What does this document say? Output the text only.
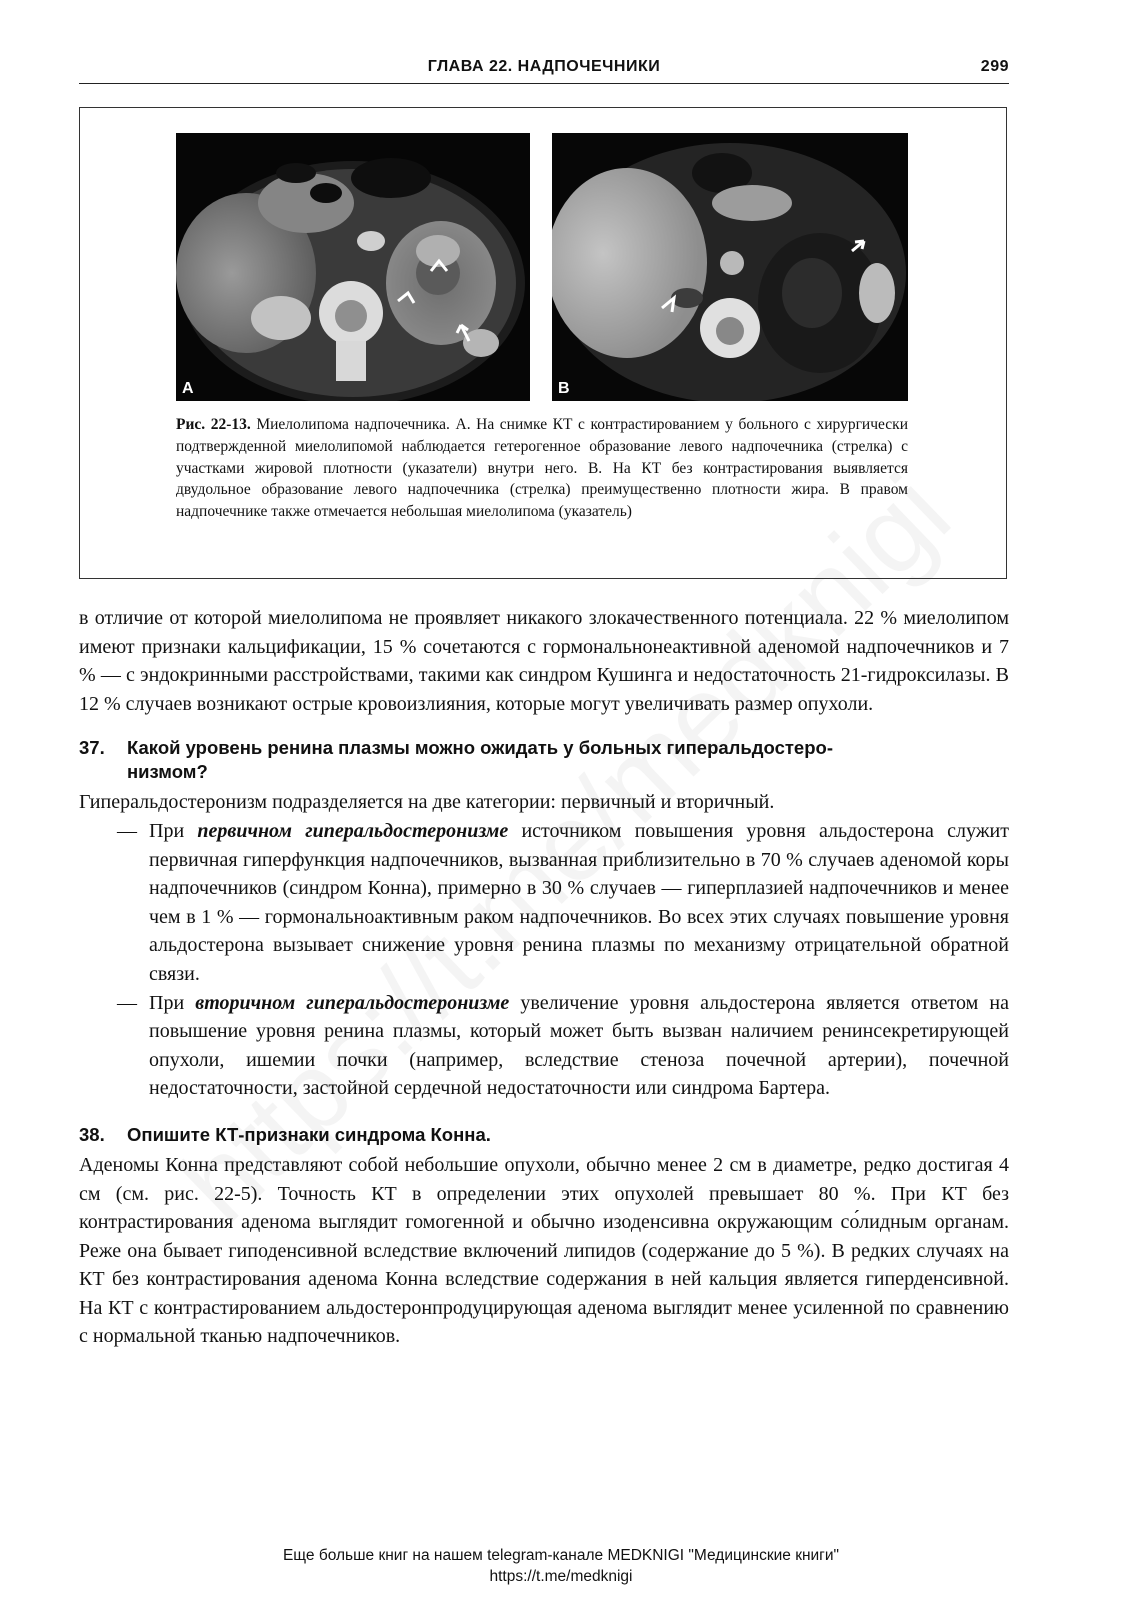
ГЛАВА 22. НАДПОЧЕЧНИКИ	299
A	B
Рис. 22-13. Миелолипома надпочечника. A. На снимке КТ с контрастированием у больного с хирургически подтвержденной миелолипомой наблюдается гетерогенное образование левого надпочечника (стрелка) с участками жировой плотности (указатели) внутри него. B. На КТ без контрастирования выявляется двудольное образование левого надпочечника (стрелка) преимущественно плотности жира. В правом надпочечнике также отмечается небольшая миелолипома (указатель)

в отличие от которой миелолипома не проявляет никакого злокачественного потенциала. 22 % миелолипом имеют признаки кальцификации, 15 % сочетаются с гормональнонеактивной аденомой надпочечников и 7 % — с эндокринными расстройствами, такими как синдром Кушинга и недостаточность 21-гидроксилазы. В 12 % случаев возникают острые кровоизлияния, которые могут увеличивать размер опухоли.

37. Какой уровень ренина плазмы можно ожидать у больных гиперальдостеро-
низмом?

Гиперальдостеронизм подразделяется на две категории: первичный и вторичный.

— При первичном гиперальдостеронизме источником повышения уровня альдостерона служит первичная гиперфункция надпочечников, вызванная приблизительно в 70 % случаев аденомой коры надпочечников (синдром Конна), примерно в 30 % случаев — гиперплазией надпочечников и менее чем в 1 % — гормональноактивным раком надпочечников. Во всех этих случаях повышение уровня альдостерона вызывает снижение уровня ренина плазмы по механизму отрицательной обратной связи.
— При вторичном гиперальдостеронизме увеличение уровня альдостерона является ответом на повышение уровня ренина плазмы, который может быть вызван наличием ренинсекретирующей опухоли, ишемии почки (например, вследствие стеноза почечной артерии), почечной недостаточности, застойной сердечной недостаточности или синдрома Бартера.
38. Опишите КТ-признаки синдрома Конна.

Аденомы Конна представляют собой небольшие опухоли, обычно менее 2 см в диаметре, редко достигая 4 см (см. рис. 22-5). Точность КТ в определении этих опухолей превышает 80 %. При КТ без контрастирования аденома выглядит гомогенной и обычно изоденсивна окружающим со́лидным органам. Реже она бывает гиподенсивной вследствие включений липидов (содержание до 5 %). В редких случаях на КТ без контрастирования аденома Конна вследствие содержания в ней кальция является гиперденсивной. На КТ с контрастированием альдостеронпродуцирующая аденома выглядит менее усиленной по сравнению с нормальной тканью надпочечников.

Еще больше книг на нашем telegram-канале MEDKNIGI "Медицинские книги"
https://t.me/medknigi
